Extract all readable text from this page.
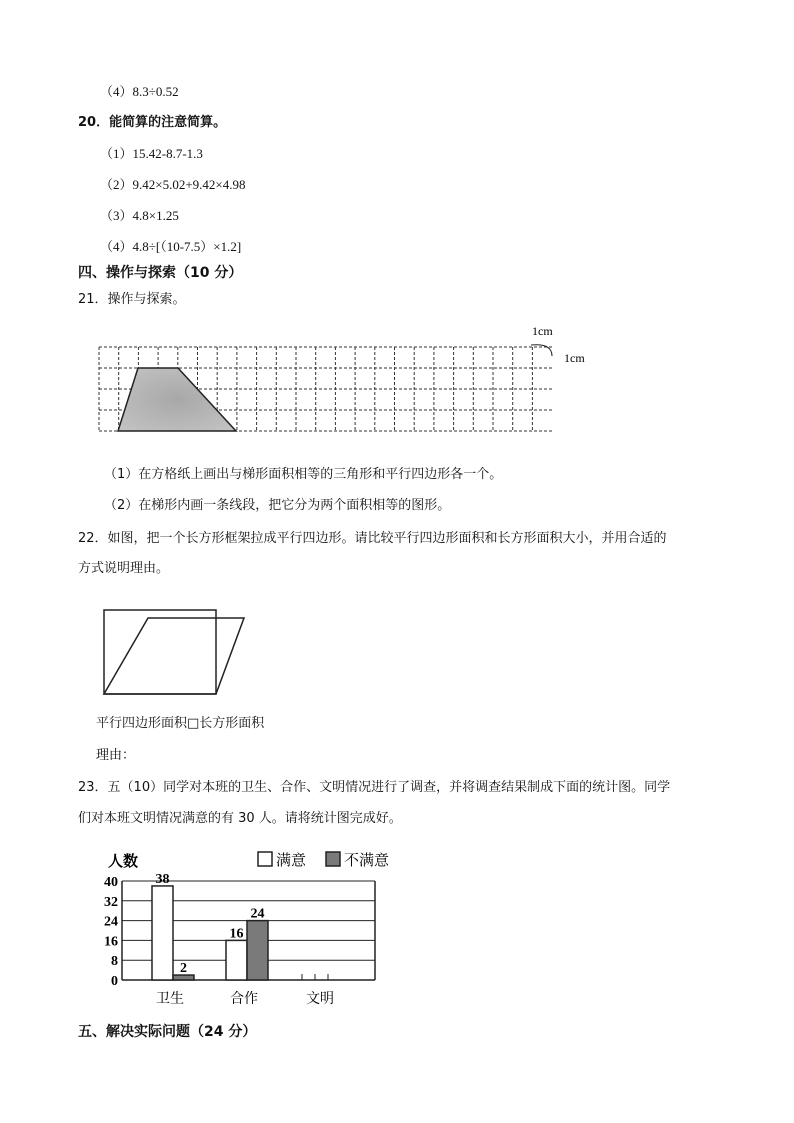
（4）8.3÷0.52
20．能简算的注意简算。
（1）15.42-8.7-1.3
（2）9.42×5.02+9.42×4.98
（3）4.8×1.25
（4）4.8÷[（10-7.5）×1.2]
四、操作与探索（10 分）
21．操作与探索。
1cm
1cm
（1）在方格纸上画出与梯形面积相等的三角形和平行四边形各一个。
（2）在梯形内画一条线段，把它分为两个面积相等的图形。
22．如图，把一个长方形框架拉成平行四边形。请比较平行四边形面积和长方形面积大小，并用合适的
方式说明理由。
平行四边形面积□长方形面积
理由：
23．五（10）同学对本班的卫生、合作、文明情况进行了调查，并将调查结果制成下面的统计图。同学
们对本班文明情况满意的有 30 人。请将统计图完成好。
人数
0
8
16
24
32
40
卫生	合作	文明
38
16
2
24
满意	不满意
五、解决实际问题（24 分）
